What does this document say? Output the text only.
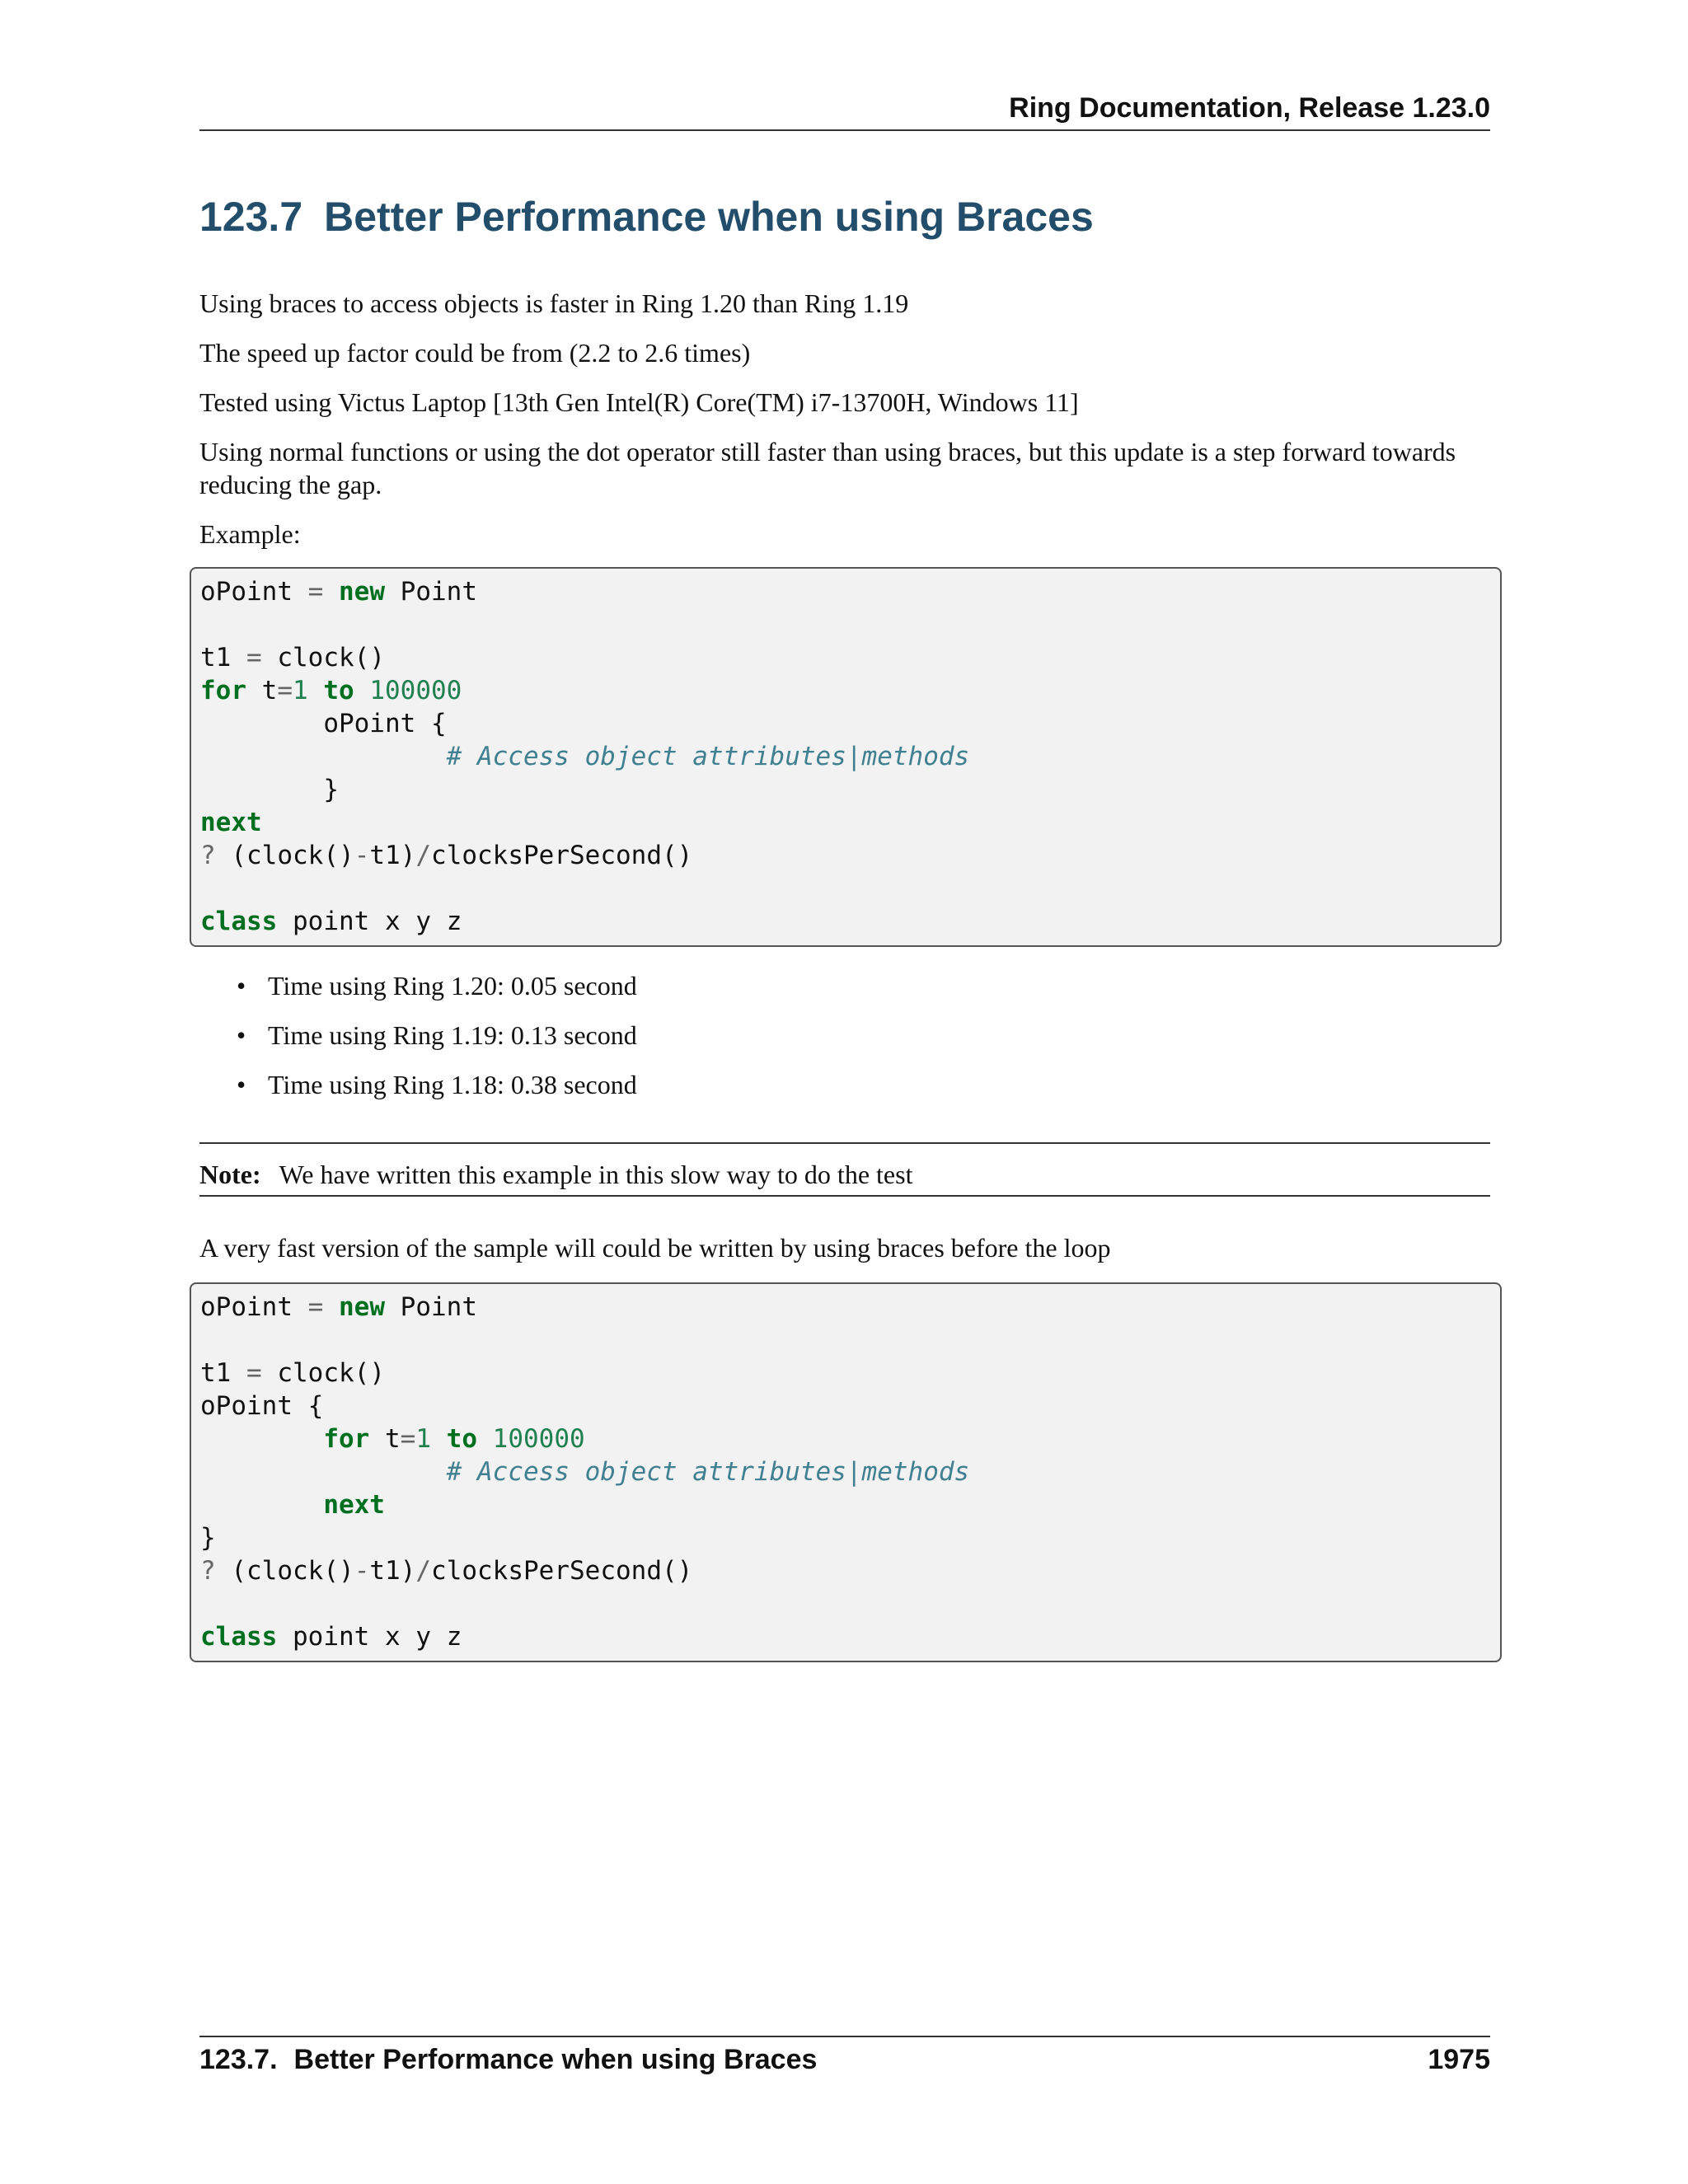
Ring Documentation, Release 1.23.0
123.7 Better Performance when using Braces

Using braces to access objects is faster in Ring 1.20 than Ring 1.19

The speed up factor could be from (2.2 to 2.6 times)

Tested using Victus Laptop [13th Gen Intel(R) Core(TM) i7-13700H, Windows 11]

Using normal functions or using the dot operator still faster than using braces, but this update is a step forward towards reducing the gap.

Example:

oPoint = new Point
t1 = clock()
for t=1 to 100000
oPoint {
# Access object attributes|methods
}
next
? (clock()-t1)/clocksPerSecond()
class point x y z
• Time using Ring 1.20: 0.05 second
• Time using Ring 1.19: 0.13 second
• Time using Ring 1.18: 0.38 second

Note: We have written this example in this slow way to do the test

A very fast version of the sample will could be written by using braces before the loop

oPoint = new Point
t1 = clock()
oPoint {
for t=1 to 100000
# Access object attributes|methods
next
}
? (clock()-t1)/clocksPerSecond()
class point x y z
123.7. Better Performance when using Braces	1975
